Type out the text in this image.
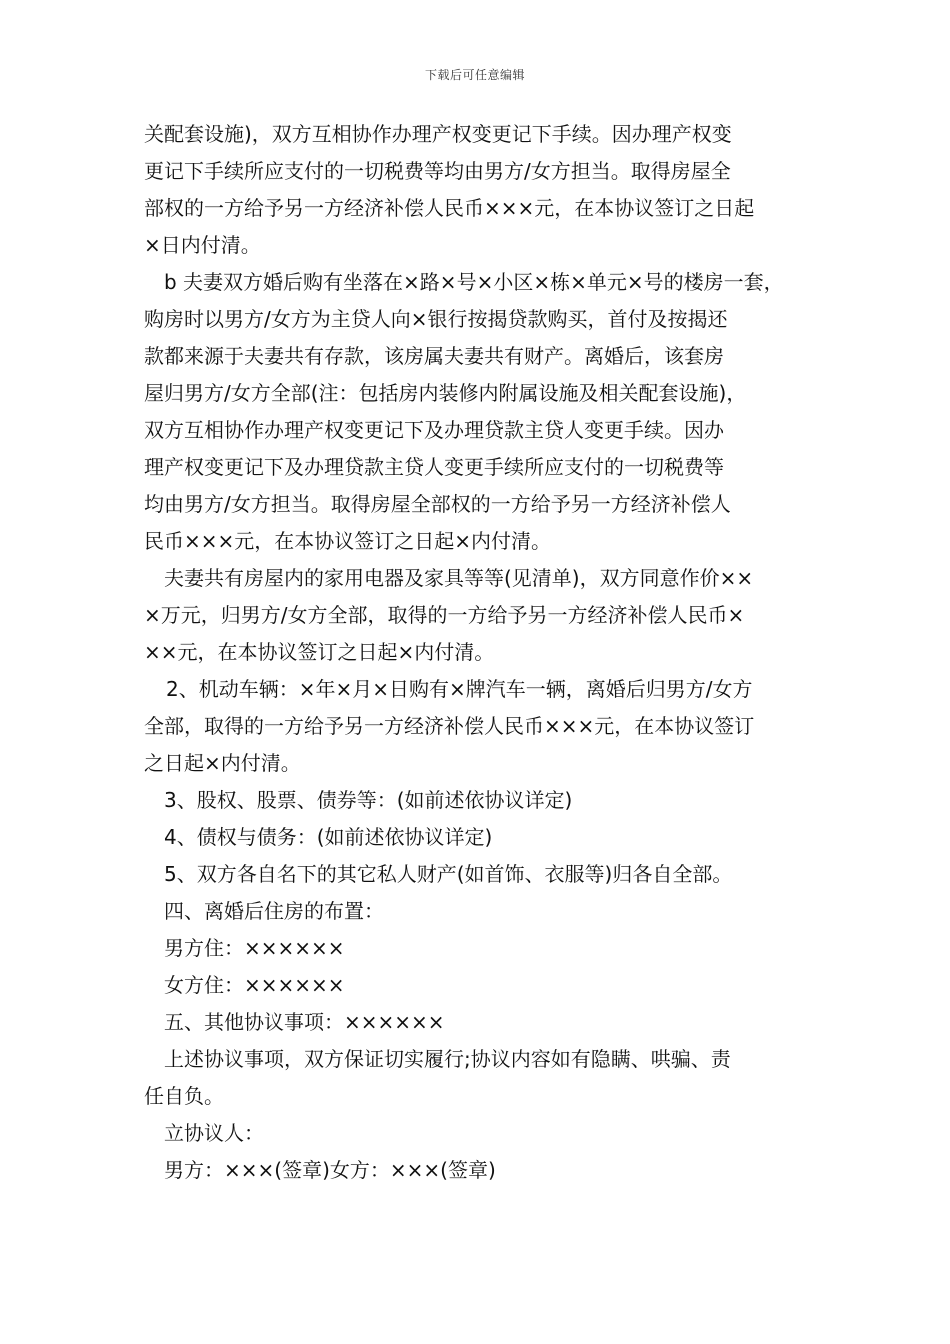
下载后可任意编辑
关配套设施)，双方互相协作办理产权变更记下手续。因办理产权变
更记下手续所应支付的一切税费等均由男方/女方担当。取得房屋全
部权的一方给予另一方经济补偿人民币×××元，在本协议签订之日起
×日内付清。
b 夫妻双方婚后购有坐落在×路×号×小区×栋×单元×号的楼房一套，
购房时以男方/女方为主贷人向×银行按揭贷款购买，首付及按揭还
款都来源于夫妻共有存款，该房属夫妻共有财产。离婚后，该套房
屋归男方/女方全部(注：包括房内装修内附属设施及相关配套设施)，
双方互相协作办理产权变更记下及办理贷款主贷人变更手续。因办
理产权变更记下及办理贷款主贷人变更手续所应支付的一切税费等
均由男方/女方担当。取得房屋全部权的一方给予另一方经济补偿人
民币×××元，在本协议签订之日起×内付清。
夫妻共有房屋内的家用电器及家具等等(见清单)，双方同意作价××
×万元，归男方/女方全部，取得的一方给予另一方经济补偿人民币×
××元，在本协议签订之日起×内付清。
2、机动车辆：×年×月×日购有×牌汽车一辆，离婚后归男方/女方
全部，取得的一方给予另一方经济补偿人民币×××元，在本协议签订
之日起×内付清。
3、股权、股票、债券等：(如前述依协议详定)
4、债权与债务：(如前述依协议详定)
5、双方各自名下的其它私人财产(如首饰、衣服等)归各自全部。
四、离婚后住房的布置：
男方住：××××××
女方住：××××××
五、其他协议事项：××××××
上述协议事项，双方保证切实履行;协议内容如有隐瞒、哄骗、责
任自负。
立协议人：
男方：×××(签章)女方：×××(签章)
